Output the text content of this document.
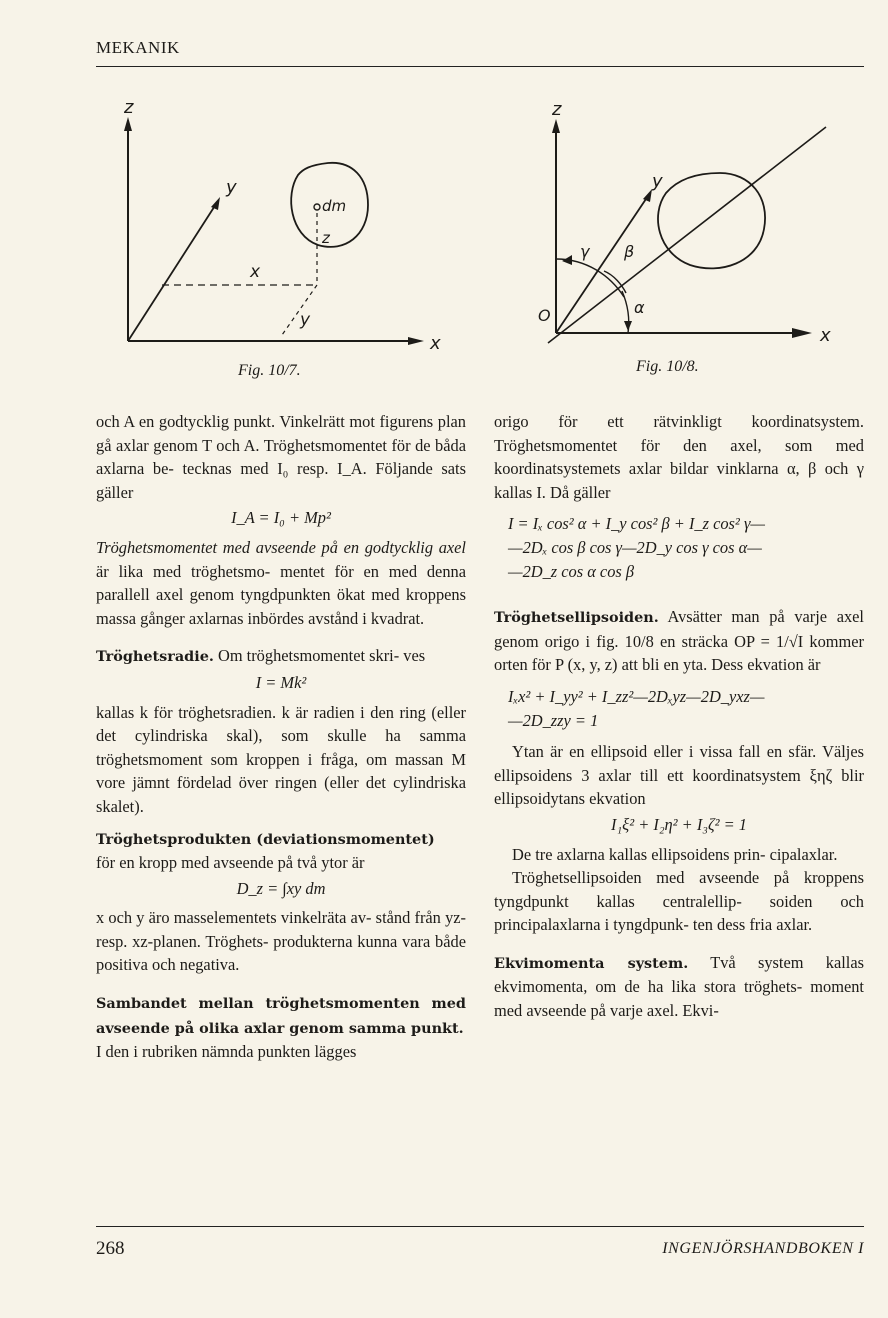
MEKANIK
z
y
x
x
y
z
dm
Fig. 10/7.
z
y
x
O
γ β
α
Fig. 10/8.

och A en godtycklig punkt. Vinkelrätt mot figurens plan gå axlar genom T och A. Tröghetsmomentet för de båda axlarna be- tecknas med I₀ resp. I_A. Följande sats gäller

I_A = I₀ + Mp²

Tröghetsmomentet med avseende på en godtycklig axel är lika med tröghetsmo- mentet för en med denna parallell axel genom tyngdpunkten ökat med kroppens massa gånger axlarnas inbördes avstånd i kvadrat.

Tröghetsradie. Om tröghetsmomentet skri- ves

I = Mk²

kallas k för tröghetsradien. k är radien i den ring (eller det cylindriska skal), som skulle ha samma tröghetsmoment som kroppen i fråga, om massan M vore jämnt fördelad över ringen (eller det cylindriska skalet).

Tröghetsprodukten (deviationsmomentet)

för en kropp med avseende på två ytor är

D_z = ∫xy dm

x och y äro masselementets vinkelräta av- stånd från yz- resp. xz-planen. Tröghets- produkterna kunna vara både positiva och negativa.

Sambandet mellan tröghetsmomenten med avseende på olika axlar genom samma punkt.

I den i rubriken nämnda punkten lägges

origo för ett rätvinkligt koordinatsystem. Tröghetsmomentet för den axel, som med koordinatsystemets axlar bildar vinklarna α, β och γ kallas I. Då gäller

I = Iₓ cos² α + I_y cos² β + I_z cos² γ—
—2Dₓ cos β cos γ—2D_y cos γ cos α—
—2D_z cos α cos β

Tröghetsellipsoiden. Avsätter man på varje axel genom origo i fig. 10/8 en sträcka OP = 1/√I kommer orten för P (x, y, z) att bli en yta. Dess ekvation är

Iₓx² + I_yy² + I_zz²—2Dₓyz—2D_yxz—
—2D_zzy = 1

Ytan är en ellipsoid eller i vissa fall en sfär. Väljes ellipsoidens 3 axlar till ett koordinatsystem ξηζ blir ellipsoidytans ekvation

I₁ξ² + I₂η² + I₃ζ² = 1

De tre axlarna kallas ellipsoidens prin- cipalaxlar.

Tröghetsellipsoiden med avseende på kroppens tyngdpunkt kallas centralellip- soiden och principalaxlarna i tyngdpunk- ten dess fria axlar.

Ekvimomenta system. Två system kallas ekvimomenta, om de ha lika stora tröghets- moment med avseende på varje axel. Ekvi-

268	INGENJÖRSHANDBOKEN I
